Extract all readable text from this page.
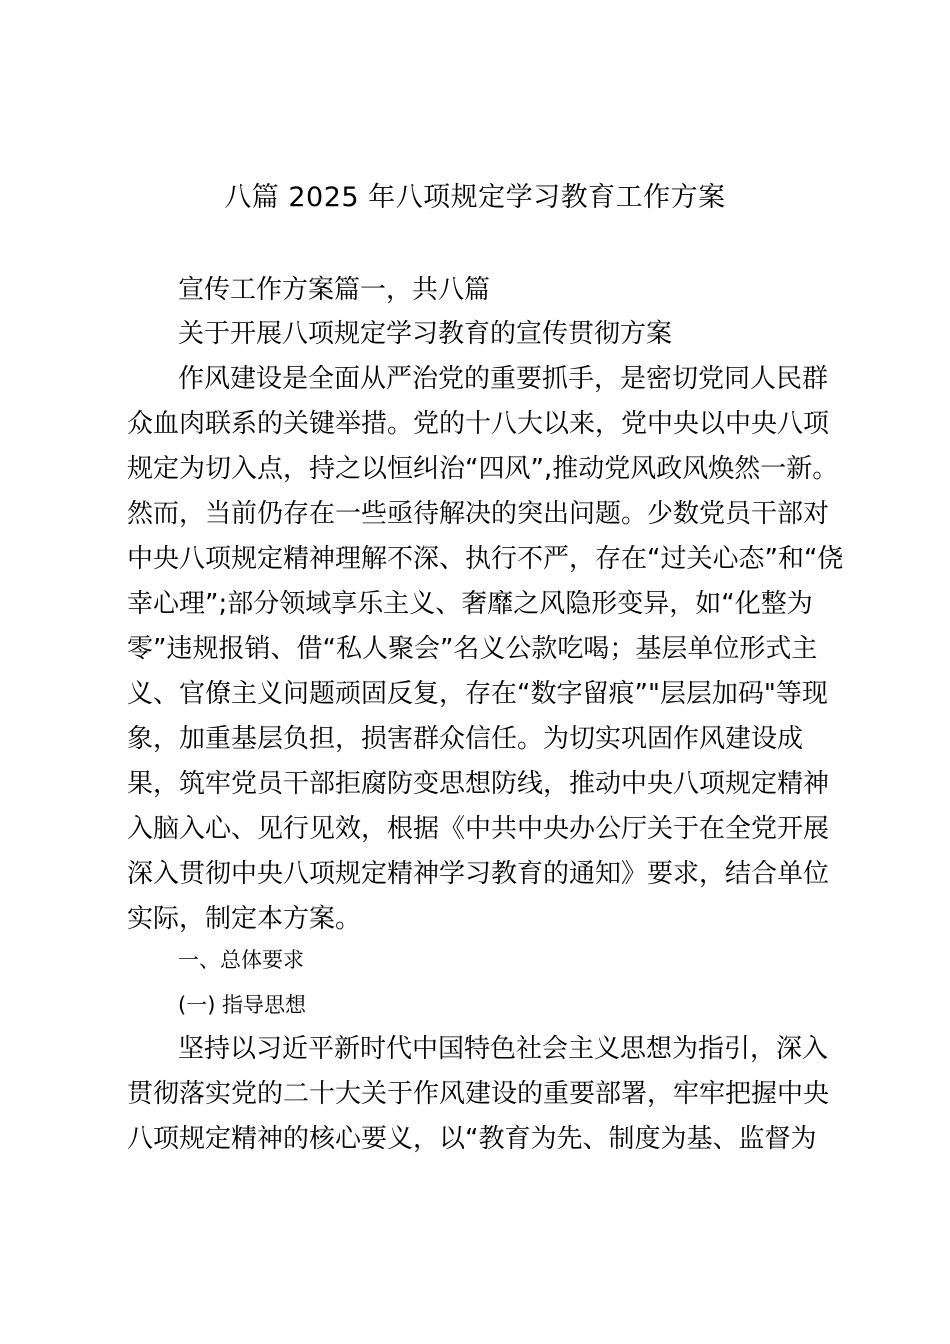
八篇 2025 年八项规定学习教育工作方案
宣传工作方案篇一，共八篇
关于开展八项规定学习教育的宣传贯彻方案
作风建设是全面从严治党的重要抓手，是密切党同人民群
众血肉联系的关键举措。党的十八大以来，党中央以中央八项
规定为切入点，持之以恒纠治“四风”,推动党风政风焕然一新。
然而，当前仍存在一些亟待解决的突出问题。少数党员干部对
中央八项规定精神理解不深、执行不严，存在“过关心态”和“侥
幸心理”;部分领域享乐主义、奢靡之风隐形变异，如“化整为
零”违规报销、借“私人聚会”名义公款吃喝；基层单位形式主
义、官僚主义问题顽固反复，存在“数字留痕”"层层加码"等现
象，加重基层负担，损害群众信任。为切实巩固作风建设成
果，筑牢党员干部拒腐防变思想防线，推动中央八项规定精神
入脑入心、见行见效，根据《中共中央办公厅关于在全党开展
深入贯彻中央八项规定精神学习教育的通知》要求，结合单位
实际，制定本方案。
一、总体要求
(一) 指导思想
坚持以习近平新时代中国特色社会主义思想为指引，深入
贯彻落实党的二十大关于作风建设的重要部署，牢牢把握中央
八项规定精神的核心要义，以“教育为先、制度为基、监督为
